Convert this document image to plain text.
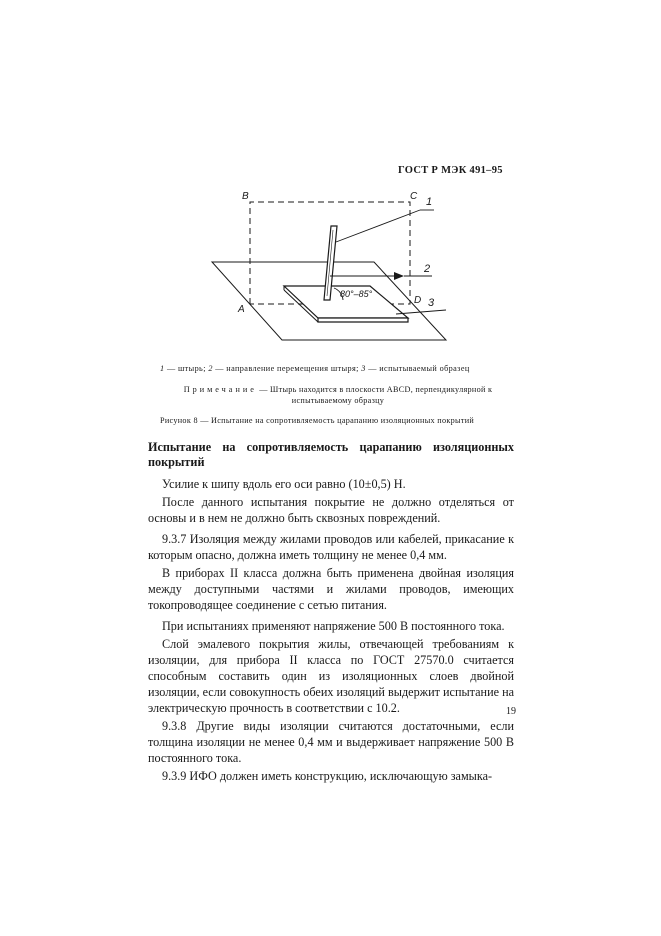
ГОСТ Р МЭК 491–95
B	C
A
D
1
2
3
80°–85°
1 — штырь; 2 — направление перемещения штыря; 3 — испытываемый образец
Примечание — Штырь находится в плоскости ABCD, перпендикулярной к испытываемому образцу
Рисунок 8 — Испытание на сопротивляемость царапанию изоляционных покрытий
Испытание на сопротивляемость царапанию изоляционных покрытий

Усилие к шипу вдоль его оси равно (10±0,5) Н.

После данного испытания покрытие не должно отделяться от основы и в нем не должно быть сквозных повреждений.

9.3.7 Изоляция между жилами проводов или кабелей, прикасание к которым опасно, должна иметь толщину не менее 0,4 мм.

В приборах II класса должна быть применена двойная изоляция между доступными частями и жилами проводов, имеющих токопроводящее соединение с сетью питания.

При испытаниях применяют напряжение 500 В постоянного тока.

Слой эмалевого покрытия жилы, отвечающей требованиям к изоляции, для прибора II класса по ГОСТ 27570.0 считается способным составить один из изоляционных слоев двойной изоляции, если совокупность обеих изоляций выдержит испытание на электрическую прочность в соответствии с 10.2.

9.3.8 Другие виды изоляции считаются достаточными, если толщина изоляции не менее 0,4 мм и выдерживает напряжение 500 В постоянного тока.

9.3.9 ИФО должен иметь конструкцию, исключающую замыка-

19
